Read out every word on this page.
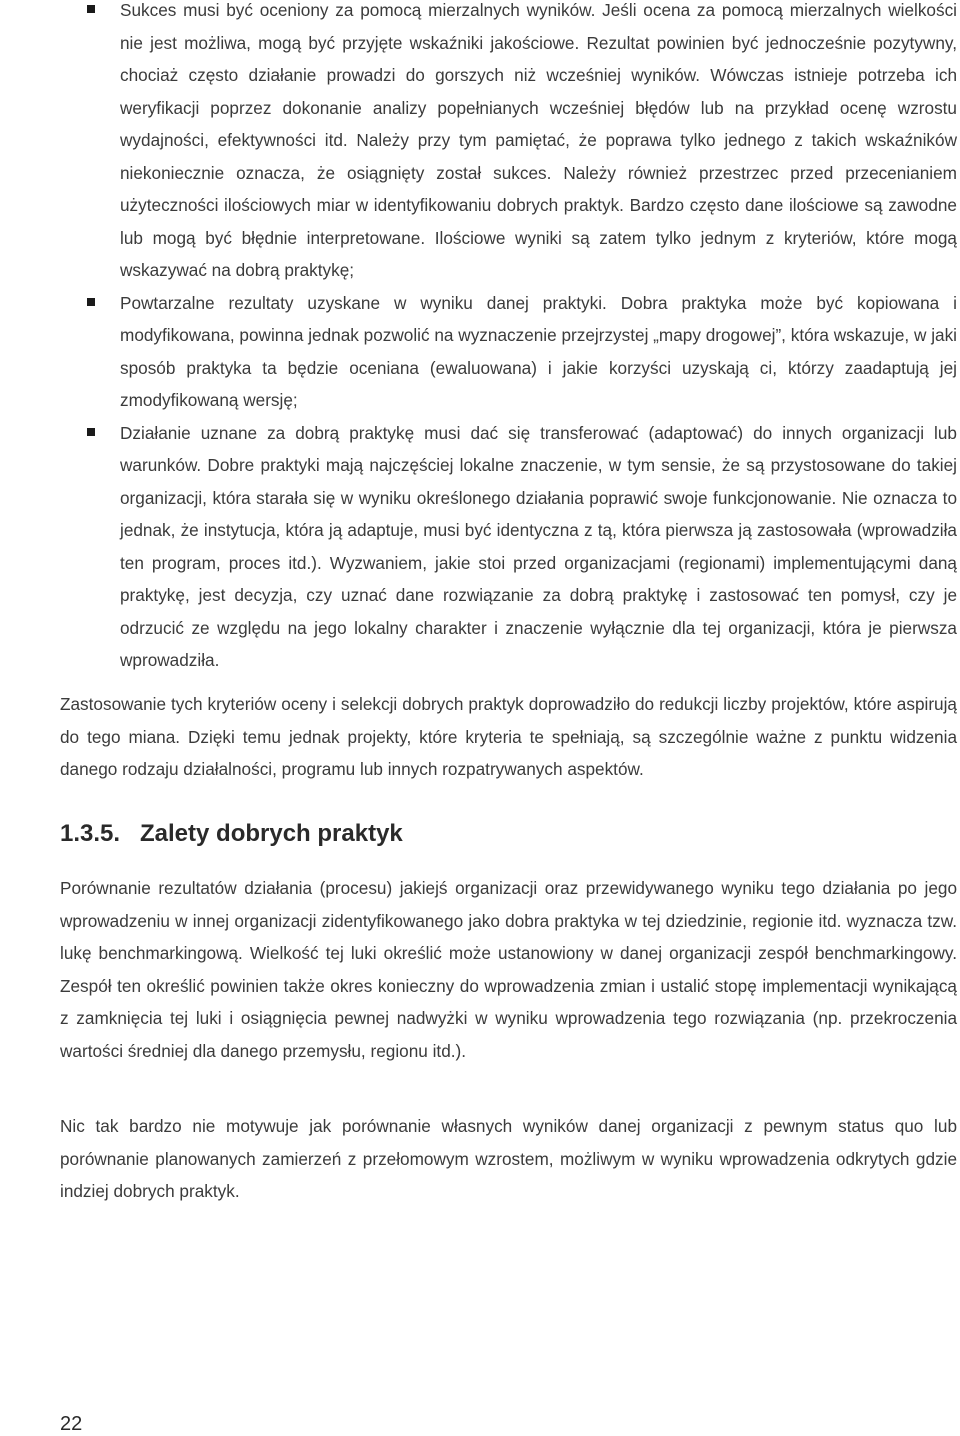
Sukces musi być oceniony za pomocą mierzalnych wyników. Jeśli ocena za pomocą mierzalnych wielkości nie jest możliwa, mogą być przyjęte wskaźniki jakościowe. Rezultat powinien być jednocześnie pozytywny, chociaż często działanie prowadzi do gorszych niż wcześniej wyników. Wówczas istnieje potrzeba ich weryfikacji poprzez dokonanie analizy popełnianych wcześniej błędów lub na przykład ocenę wzrostu wydajności, efektywności itd. Należy przy tym pamiętać, że poprawa tylko jednego z takich wskaźników niekoniecznie oznacza, że osiągnięty został sukces. Należy również przestrzec przed przecenianiem użyteczności ilościowych miar w identyfikowaniu dobrych praktyk. Bardzo często dane ilościowe są zawodne lub mogą być błędnie interpretowane. Ilościowe wyniki są zatem tylko jednym z kryteriów, które mogą wskazywać na dobrą praktykę;
Powtarzalne rezultaty uzyskane w wyniku danej praktyki. Dobra praktyka może być kopiowana i modyfikowana, powinna jednak pozwolić na wyznaczenie przejrzystej „mapy drogowej”, która wskazuje, w jaki sposób praktyka ta będzie oceniana (ewaluowana) i jakie korzyści uzyskają ci, którzy zaadaptują jej zmodyfikowaną wersję;
Działanie uznane za dobrą praktykę musi dać się transferować (adaptować) do innych organizacji lub warunków. Dobre praktyki mają najczęściej lokalne znaczenie, w tym sensie, że są przystosowane do takiej organizacji, która starała się w wyniku określonego działania poprawić swoje funkcjonowanie. Nie oznacza to jednak, że instytucja, która ją adaptuje, musi być identyczna z tą, która pierwsza ją zastosowała (wprowadziła ten program, proces itd.). Wyzwaniem, jakie stoi przed organizacjami (regionami) implementującymi daną praktykę, jest decyzja, czy uznać dane rozwiązanie za dobrą praktykę i zastosować ten pomysł, czy je odrzucić ze względu na jego lokalny charakter i znaczenie wyłącznie dla tej organizacji, która je pierwsza wprowadziła.

Zastosowanie tych kryteriów oceny i selekcji dobrych praktyk doprowadziło do redukcji liczby projektów, które aspirują do tego miana. Dzięki temu jednak projekty, które kryteria te spełniają, są szczególnie ważne z punktu widzenia danego rodzaju działalności, programu lub innych rozpatrywanych aspektów.

1.3.5. Zalety dobrych praktyk

Porównanie rezultatów działania (procesu) jakiejś organizacji oraz przewidywanego wyniku tego działania po jego wprowadzeniu w innej organizacji zidentyfikowanego jako dobra praktyka w tej dziedzinie, regionie itd. wyznacza tzw. lukę benchmarkingową. Wielkość tej luki określić może ustanowiony w danej organizacji zespół benchmarkingowy. Zespół ten określić powinien także okres konieczny do wprowadzenia zmian i ustalić stopę implementacji wynikającą z zamknięcia tej luki i osiągnięcia pewnej nadwyżki w wyniku wprowadzenia tego rozwiązania (np. przekroczenia wartości średniej dla danego przemysłu, regionu itd.).

Nic tak bardzo nie motywuje jak porównanie własnych wyników danej organizacji z pewnym status quo lub porównanie planowanych zamierzeń z przełomowym wzrostem, możliwym w wyniku wprowadzenia odkrytych gdzie indziej dobrych praktyk.

22
